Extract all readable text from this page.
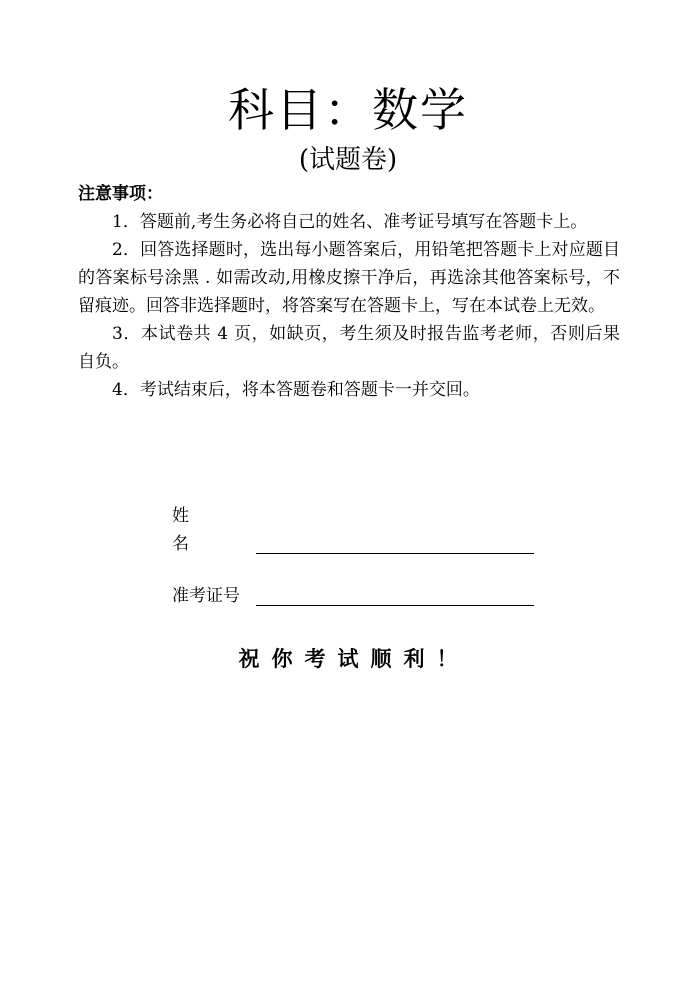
科目：数学
(试题卷)
注意事项：

1．答题前,考生务必将自己的姓名、准考证号填写在答题卡上。

2．回答选择题时，选出每小题答案后，用铅笔把答题卡上对应题目的答案标号涂黑 . 如需改动,用橡皮擦干净后，再选涂其他答案标号，不留痕迹。回答非选择题时，将答案写在答题卡上，写在本试卷上无效。

3．本试卷共 4 页，如缺页，考生须及时报告监考老师，否则后果自负。

4．考试结束后，将本答题卷和答题卡一并交回。

姓名
准考证号
祝你考试顺利！
